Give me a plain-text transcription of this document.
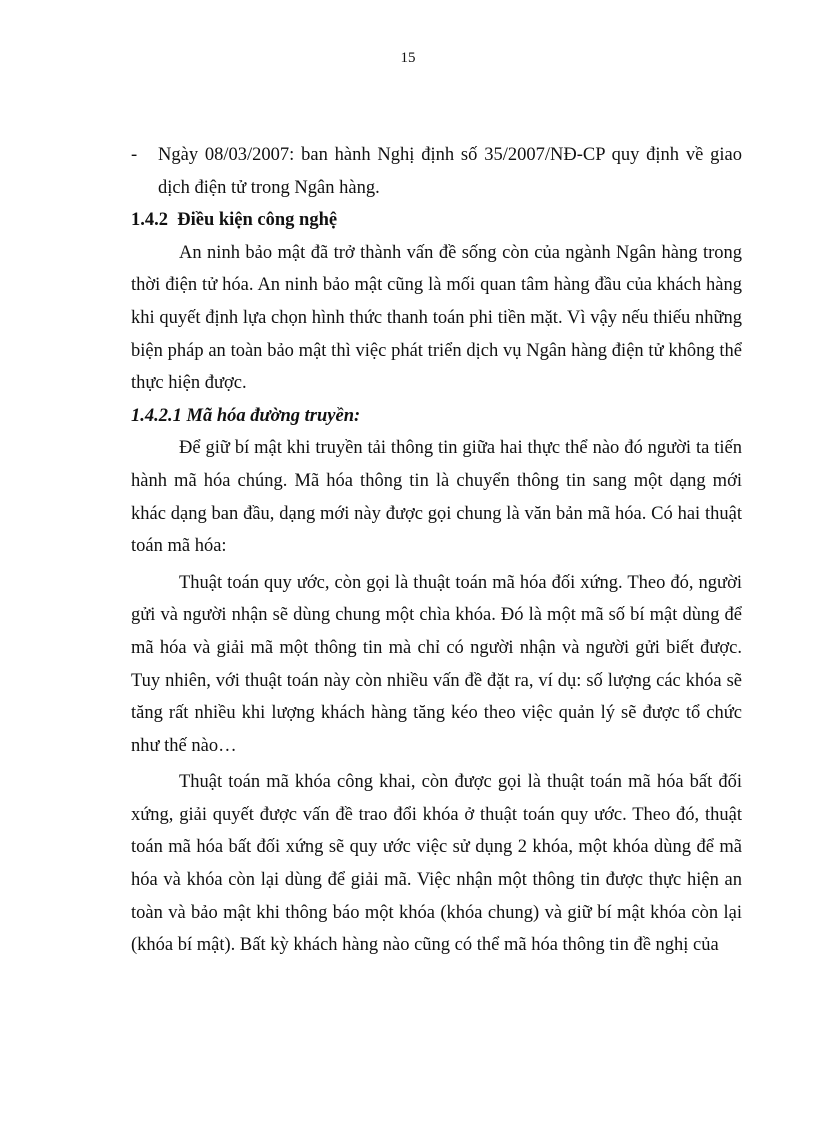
15

- Ngày 08/03/2007: ban hành Nghị định số 35/2007/NĐ-CP quy định về giao dịch điện tử trong Ngân hàng.

1.4.2  Điều kiện công nghệ

An ninh bảo mật đã trở thành vấn đề sống còn của ngành Ngân hàng trong thời điện tử hóa. An ninh bảo mật cũng là mối quan tâm hàng đầu của khách hàng khi quyết định lựa chọn hình thức thanh toán phi tiền mặt. Vì vậy nếu thiếu những biện pháp an toàn bảo mật thì việc phát triển dịch vụ Ngân hàng điện tử không thể thực hiện được.

1.4.2.1 Mã hóa đường truyền:

Để giữ bí mật khi truyền tải thông tin giữa hai thực thể nào đó người ta tiến hành mã hóa chúng. Mã hóa thông tin là chuyển thông tin sang một dạng mới khác dạng ban đầu, dạng mới này được gọi chung là văn bản mã hóa. Có hai thuật toán mã hóa:

Thuật toán quy ước, còn gọi là thuật toán mã hóa đối xứng. Theo đó, người gửi và người nhận sẽ dùng chung một chìa khóa. Đó là một mã số bí mật dùng để mã hóa và giải mã một thông tin mà chỉ có người nhận và người gửi biết được. Tuy nhiên, với thuật toán này còn nhiều vấn đề đặt ra, ví dụ: số lượng các khóa sẽ tăng rất nhiều khi lượng khách hàng tăng kéo theo việc quản lý sẽ được tổ chức như thế nào…

Thuật toán mã khóa công khai, còn được gọi là thuật toán mã hóa bất đối xứng, giải quyết được vấn đề trao đổi khóa ở thuật toán quy ước. Theo đó, thuật toán mã hóa bất đối xứng sẽ quy ước việc sử dụng 2 khóa, một khóa dùng để mã hóa và khóa còn lại dùng để giải mã. Việc nhận một thông tin được thực hiện an toàn và bảo mật khi thông báo một khóa (khóa chung) và giữ bí mật khóa còn lại (khóa bí mật). Bất kỳ khách hàng nào cũng có thể mã hóa thông tin đề nghị của
